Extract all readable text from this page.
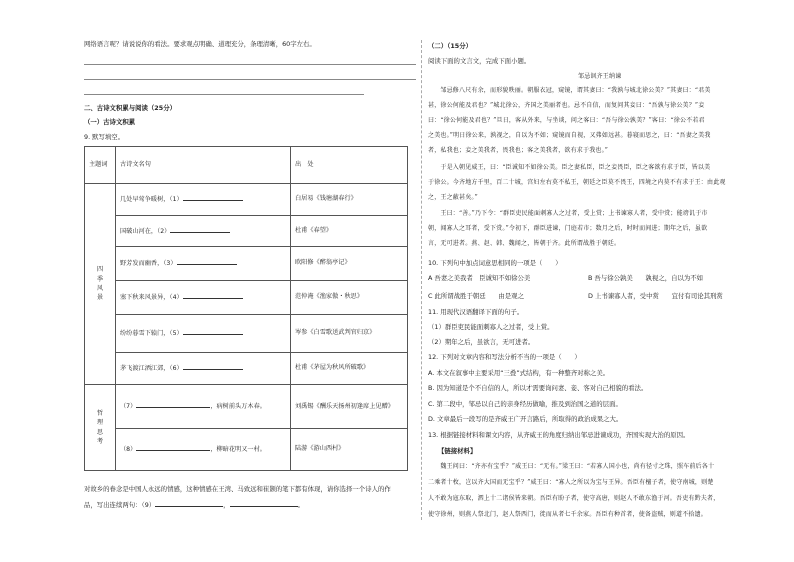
网络语言呢？请说说你的看法。要求观点明确、道理充分，条理清晰，60字左右。
二、古诗文积累与阅读（25分）
（一）古诗文积累
9. 默写填空。
主题词	古诗文名句	出　处

四
季
风
景	几处早莺争暖树，（1）	白居易《钱塘湖春行》
	国破山河在，（2）	杜甫《春望》
	野芳发而幽香，（3）	欧阳修《醉翁亭记》
	塞下秋来风景异，（4）	范仲淹《渔家傲・秋思》
	纷纷暮雪下辕门，（5）	岑参《白雪歌送武判官归京》
	茅飞渡江洒江郊，（6）	杜甫《茅屋为秋风所破歌》

哲
理
思
考	（7） ，病树前头万木春。	刘禹锡《酬乐天扬州初逢席上见赠》
	（8） ，柳暗花明又一村。	陆游《游山西村》
对故乡的眷念是中国人永远的情感，这种情感在王湾、马致远和崔颢的笔下都有体现，请你选择一个诗人的作
品，写出连续两句：（9）	，	。
（二）（15分）
阅读下面的文言文，完成下面小题。
邹忌讽齐王纳谏
　　邹忌修八尺有余，而形貌昳丽。朝服衣冠，窥镜，谓其妻曰：“我孰与城北徐公美？”其妻曰：“君美
甚，徐公何能及君也？”城北徐公，齐国之美丽者也。忌不自信，而复问其妾曰：“吾孰与徐公美？”妾
曰：“徐公何能及君也？”旦日，客从外来，与坐谈，问之客曰：“吾与徐公孰美？”客曰：“徐公不若君
之美也。”明日徐公来，孰视之，自以为不如；窥镜而自视，又弗如远甚。暮寝而思之，曰：“吾妻之美我
者，私我也；妾之美我者，畏我也；客之美我者，欲有求于我也。”
　　于是入朝见威王，曰：“臣诚知不如徐公美。臣之妻私臣，臣之妾畏臣，臣之客欲有求于臣，皆以美
于徐公。今齐地方千里，百二十城，宫妇左右莫不私王，朝廷之臣莫不畏王，四境之内莫不有求于王：由此观
之，王之蔽甚矣。”
　　王曰：“善。”乃下令：“群臣吏民能面刺寡人之过者，受上赏；上书谏寡人者，受中赏；能谤讥于市
朝，闻寡人之耳者，受下赏。”令初下，群臣进谏，门庭若市；数月之后，时时而间进；期年之后，虽欲
言，无可进者。燕、赵、韩、魏闻之，皆朝于齐。此所谓战胜于朝廷。
10. 下列句中加点词意思相同的一项是（　　）
A 吾妻之美我者　臣诚知不如徐公美	B 吾与徐公孰美　　孰视之，自以为不如
C 此所谓战胜于朝廷　　由是观之	D 上书谏寡人者，受中赏　　宜付有司论其刑赏
11. 用现代汉语翻译下面的句子。
（1）群臣吏民能面刺寡人之过者，受上赏。
（2）期年之后，虽欲言，无可进者。
12. 下列对文章内容和写法分析不当的一项是（　　）
A. 本文在叙事中主要采用“三叠”式结构，有一种整齐对称之美。
B. 因为知道是个不自信的人，所以才需要询问妻、妾、客对自己相貌的看法。
C. 第二段中，邹忌以自己的亲身经历做喻，推及到治国之道的层面。
D. 文章最后一段写的是齐威王广开言路后，所取得的政治成果之大。
13. 根据链接材料和课文内容，从齐威王的角度归纳出邹忌进谏成功，齐国实现大治的原因。
【链接材料】
　　魏王问曰：“齐亦有宝乎？”威王曰：“无有。”梁王曰：“若寡人国小也，尚有径寸之珠，照车前后各十
二乘者十枚，岂以齐大国而无宝乎？”威王曰：“寡人之所以为宝与王异。吾臣有檀子者，使守南城，则楚
人不敢为寇东取，泗上十二诸侯皆来朝。吾臣有盼子者，使守高唐，则赵人不敢东渔于河。吾吏有黔夫者，
使守徐州，则燕人祭北门，赵人祭西门，徙而从者七千余家。吾臣有种首者，使备盗贼，则道不拾遗。
